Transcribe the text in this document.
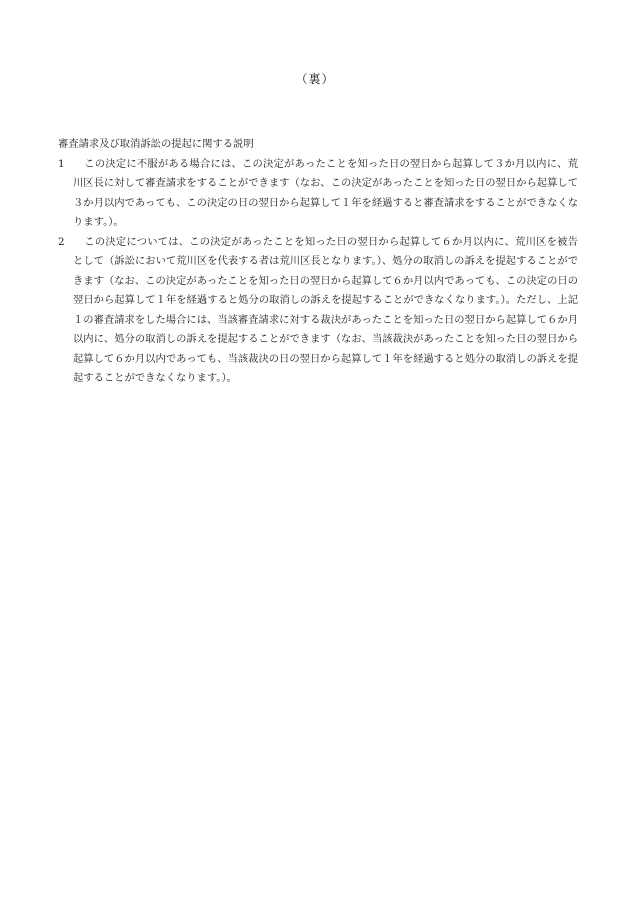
（裏）

審査請求及び取消訴訟の提起に関する説明

1	この決定に不服がある場合には、この決定があったことを知った日の翌日から起算して３か月以内に、荒川区長に対して審査請求をすることができます（なお、この決定があったことを知った日の翌日から起算して３か月以内であっても、この決定の日の翌日から起算して１年を経過すると審査請求をすることができなくなります。）。
2	この決定については、この決定があったことを知った日の翌日から起算して６か月以内に、荒川区を被告として（訴訟において荒川区を代表する者は荒川区長となります。）、処分の取消しの訴えを提起することができます（なお、この決定があったことを知った日の翌日から起算して６か月以内であっても、この決定の日の翌日から起算して１年を経過すると処分の取消しの訴えを提起することができなくなります。）。ただし、上記１の審査請求をした場合には、当該審査請求に対する裁決があったことを知った日の翌日から起算して６か月以内に、処分の取消しの訴えを提起することができます（なお、当該裁決があったことを知った日の翌日から起算して６か月以内であっても、当該裁決の日の翌日から起算して１年を経過すると処分の取消しの訴えを提起することができなくなります。）。
